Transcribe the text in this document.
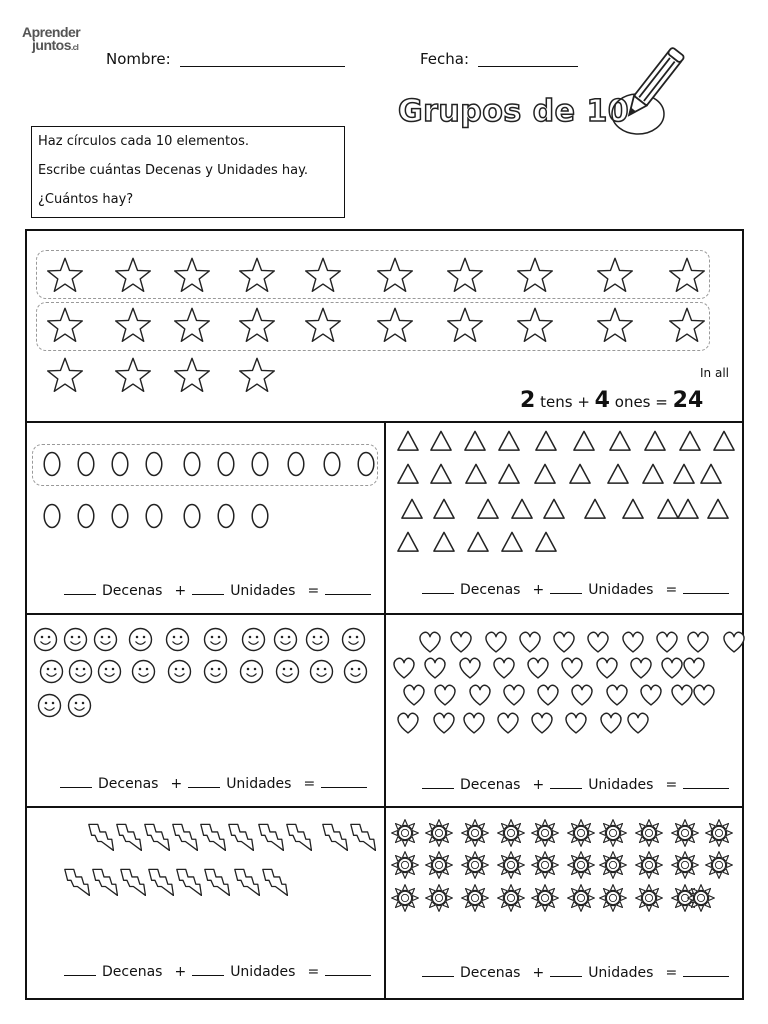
Aprender
juntos.cl
Nombre:	Fecha:
Grupos de 10
Haz círculos cada 10 elementos.
Escribe cuántas Decenas y Unidades hay.
¿Cuántos hay?
In all
2 tens + 4 ones = 24
Decenas +	Unidades =	Decenas +	Unidades =
Decenas +	Unidades =	Decenas +	Unidades =
Decenas +	Unidades =	Decenas +	Unidades =
